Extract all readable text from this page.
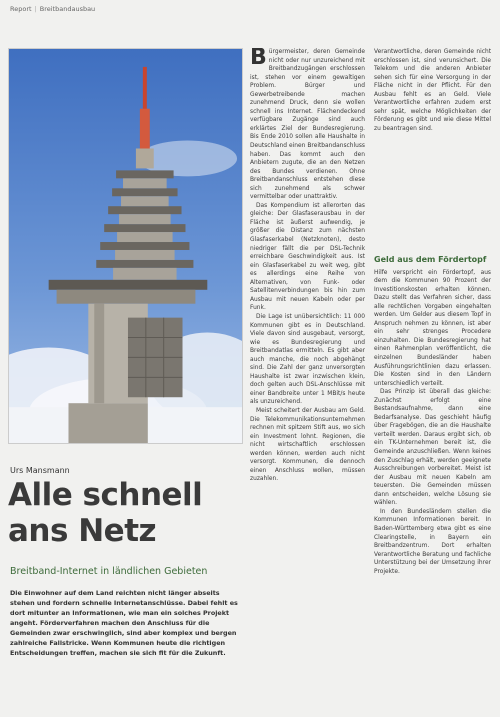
Report | Breitbandausbau
Urs Mansmann
Alle schnell
ans Netz
Breitband-Internet in ländlichen Gebieten
Die Einwohner auf dem Land reichten nicht länger abseits stehen und fordern schnelle Internetanschlüsse. Dabei fehlt es dort mitunter an Informationen, wie man ein solches Projekt angeht. Förderverfahren machen den Anschluss für die Gemeinden zwar erschwinglich, sind aber komplex und bergen zahlreiche Fallstricke. Wenn Kommunen heute die richtigen Entscheidungen treffen, machen sie sich fit für die Zukunft.

Bürgermeister, deren Gemeinde nicht oder nur unzureichend mit Breitbandzugängen erschlossen ist, stehen vor einem gewaltigen Problem. Bürger und Gewerbetreibende machen zunehmend Druck, denn sie wollen schnell ins Internet. Flächendeckend verfügbare Zugänge sind auch erklärtes Ziel der Bundesregierung. Bis Ende 2010 sollen alle Haushalte in Deutschland einen Breitbandanschluss haben. Das kommt auch den Anbietern zugute, die an den Netzen des Bundes verdienen. Ohne Breitbandanschluss entstehen diese sich zunehmend als schwer vermittelbar oder unattraktiv.

Das Kompendium ist allerorten das gleiche: Der Glasfaserausbau in der Fläche ist äußerst aufwendig, je größer die Distanz zum nächsten Glasfaserkabel (Netzknoten), desto niedriger fällt die per DSL-Technik erreichbare Geschwindigkeit aus. Ist ein Glasfaserkabel zu weit weg, gibt es allerdings eine Reihe von Alternativen, von Funk- oder Satellitenverbindungen bis hin zum Ausbau mit neuen Kabeln oder per Funk.

Die Lage ist unübersichtlich: 11 000 Kommunen gibt es in Deutschland. Viele davon sind ausgebaut, versorgt, wie es Bundesregierung und Breitbandatlas ermitteln. Es gibt aber auch manche, die noch abgehängt sind. Die Zahl der ganz unversorgten Haushalte ist zwar inzwischen klein, doch gelten auch DSL-Anschlüsse mit einer Bandbreite unter 1 MBit/s heute als unzureichend.

Meist scheitert der Ausbau am Geld. Die Telekommunikationsunternehmen rechnen mit spitzem Stift aus, wo sich ein Investment lohnt. Regionen, die nicht wirtschaftlich erschlossen werden können, werden auch nicht versorgt. Kommunen, die dennoch einen Anschluss wollen, müssen zuzahlen.

Verantwortliche, deren Gemeinde nicht erschlossen ist, sind verunsichert. Die Telekom und die anderen Anbieter sehen sich für eine Versorgung in der Fläche nicht in der Pflicht. Für den Ausbau fehlt es an Geld. Viele Verantwortliche erfahren zudem erst sehr spät, welche Möglichkeiten der Förderung es gibt und wie diese Mittel zu beantragen sind.

Geld aus dem Fördertopf

Hilfe verspricht ein Fördertopf, aus dem die Kommunen 90 Prozent der Investitionskosten erhalten können. Dazu stellt das Verfahren sicher, dass alle rechtlichen Vorgaben eingehalten werden. Um Gelder aus diesem Topf in Anspruch nehmen zu können, ist aber ein sehr strenges Procedere einzuhalten. Die Bundesregierung hat einen Rahmenplan veröffentlicht, die einzelnen Bundesländer haben Ausführungsrichtlinien dazu erlassen. Die Kosten sind in den Ländern unterschiedlich verteilt.

Das Prinzip ist überall das gleiche: Zunächst erfolgt eine Bestandsaufnahme, dann eine Bedarfsanalyse. Das geschieht häufig über Fragebögen, die an die Haushalte verteilt werden. Daraus ergibt sich, ob ein TK-Unternehmen bereit ist, die Gemeinde anzuschließen. Wenn keines den Zuschlag erhält, werden geeignete Ausschreibungen vorbereitet. Meist ist der Ausbau mit neuen Kabeln am teuersten. Die Gemeinden müssen dann entscheiden, welche Lösung sie wählen.

In den Bundesländern stellen die Kommunen Informationen bereit. In Baden-Württemberg etwa gibt es eine Clearingstelle, in Bayern ein Breitbandzentrum. Dort erhalten Verantwortliche Beratung und fachliche Unterstützung bei der Umsetzung ihrer Projekte.
